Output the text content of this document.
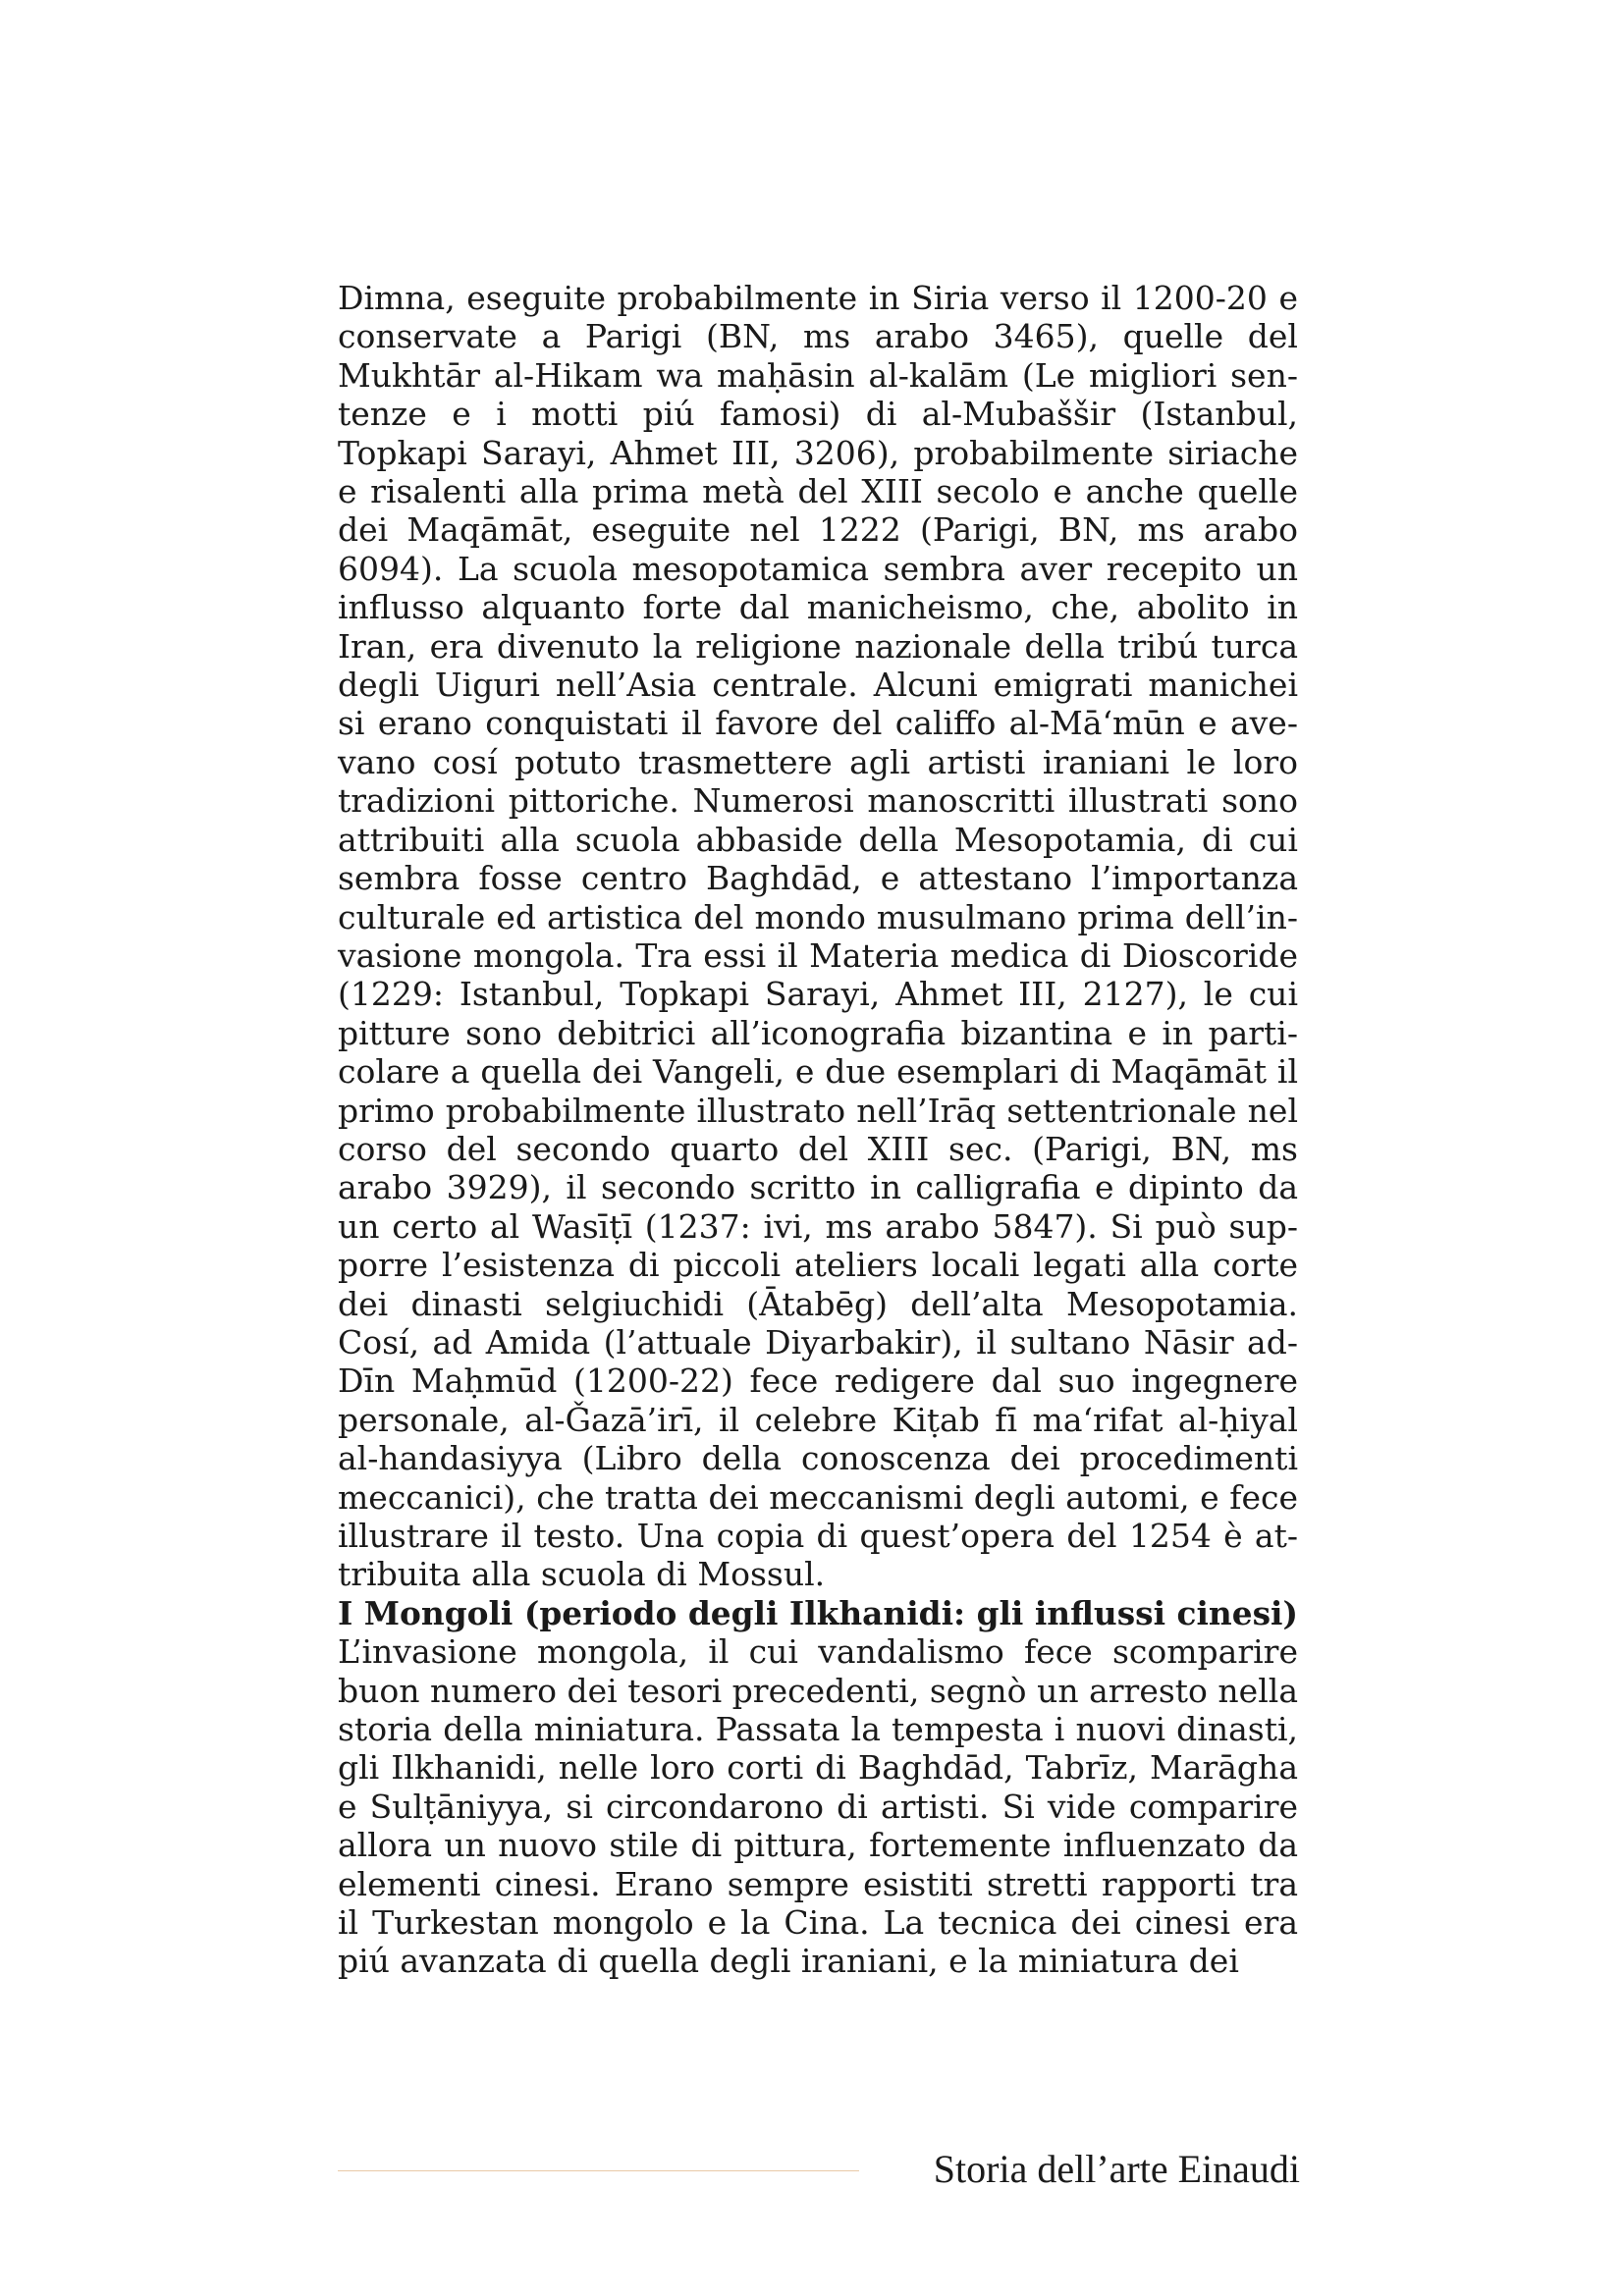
Dimna, eseguite probabilmente in Siria verso il 1200-20 e
conservate a Parigi (BN, ms arabo 3465), quelle del
Mukhtār al-Hikam wa maḥāsin al-kalām (Le migliori sen-
tenze e i motti piú famosi) di al-Mubaššir (Istanbul,
Topkapi Sarayi, Ahmet III, 3206), probabilmente siriache
e risalenti alla prima metà del XIII secolo e anche quelle
dei Maqāmāt, eseguite nel 1222 (Parigi, BN, ms arabo
6094). La scuola mesopotamica sembra aver recepito un
influsso alquanto forte dal manicheismo, che, abolito in
Iran, era divenuto la religione nazionale della tribú turca
degli Uiguri nell’Asia centrale. Alcuni emigrati manichei
si erano conquistati il favore del califfo al-Mā‘mūn e ave-
vano cosí potuto trasmettere agli artisti iraniani le loro
tradizioni pittoriche. Numerosi manoscritti illustrati sono
attribuiti alla scuola abbaside della Mesopotamia, di cui
sembra fosse centro Baghdād, e attestano l’importanza
culturale ed artistica del mondo musulmano prima dell’in-
vasione mongola. Tra essi il Materia medica di Dioscoride
(1229: Istanbul, Topkapi Sarayi, Ahmet III, 2127), le cui
pitture sono debitrici all’iconografia bizantina e in parti-
colare a quella dei Vangeli, e due esemplari di Maqāmāt il
primo probabilmente illustrato nell’Irāq settentrionale nel
corso del secondo quarto del XIII sec. (Parigi, BN, ms
arabo 3929), il secondo scritto in calligrafia e dipinto da
un certo al Wasīṭī (1237: ivi, ms arabo 5847). Si può sup-
porre l’esistenza di piccoli ateliers locali legati alla corte
dei dinasti selgiuchidi (Ātabēg) dell’alta Mesopotamia.
Cosí, ad Amida (l’attuale Diyarbakir), il sultano Nāsir ad-
Dīn Maḥmūd (1200-22) fece redigere dal suo ingegnere
personale, al-Ǧazā’irī, il celebre Kiṭab fī ma‘rifat al-ḥiyal
al-handasiyya (Libro della conoscenza dei procedimenti
meccanici), che tratta dei meccanismi degli automi, e fece
illustrare il testo. Una copia di quest’opera del 1254 è at-
tribuita alla scuola di Mossul.
I Mongoli (periodo degli Ilkhanidi: gli influssi cinesi)
L’invasione mongola, il cui vandalismo fece scomparire
buon numero dei tesori precedenti, segnò un arresto nella
storia della miniatura. Passata la tempesta i nuovi dinasti,
gli Ilkhanidi, nelle loro corti di Baghdād, Tabrīz, Marāgha
e Sulṭāniyya, si circondarono di artisti. Si vide comparire
allora un nuovo stile di pittura, fortemente influenzato da
elementi cinesi. Erano sempre esistiti stretti rapporti tra
il Turkestan mongolo e la Cina. La tecnica dei cinesi era
piú avanzata di quella degli iraniani, e la miniatura dei
Storia dell’arte Einaudi
